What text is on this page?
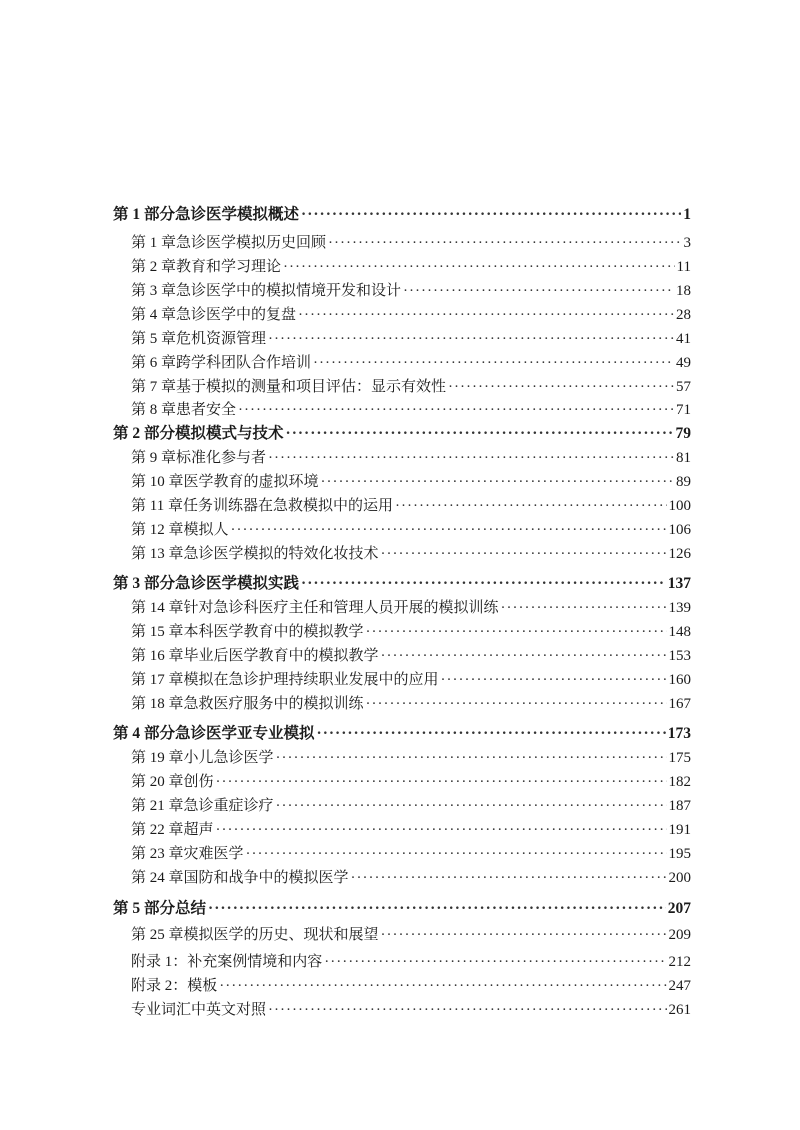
第 1 部分 急诊医学模拟概述 ·····	1
第 1 章 急诊医学模拟历史回顾 ·····	3
第 2 章 教育和学习理论 ·····	11
第 3 章 急诊医学中的模拟情境开发和设计 ·····	18
第 4 章 急诊医学中的复盘 ·····	28
第 5 章 危机资源管理 ·····	41
第 6 章 跨学科团队合作培训 ·····	49
第 7 章 基于模拟的测量和项目评估：显示有效性 ·····	57
第 8 章 患者安全 ·····	71
第 2 部分 模拟模式与技术 ·····	79
第 9 章 标准化参与者 ·····	81
第 10 章 医学教育的虚拟环境 ·····	89
第 11 章 任务训练器在急救模拟中的运用 ·····	100
第 12 章 模拟人 ·····	106
第 13 章 急诊医学模拟的特效化妆技术 ·····	126
第 3 部分 急诊医学模拟实践 ·····	137
第 14 章 针对急诊科医疗主任和管理人员开展的模拟训练 ·····	139
第 15 章 本科医学教育中的模拟教学 ·····	148
第 16 章 毕业后医学教育中的模拟教学 ·····	153
第 17 章 模拟在急诊护理持续职业发展中的应用 ·····	160
第 18 章 急救医疗服务中的模拟训练 ·····	167
第 4 部分 急诊医学亚专业模拟 ·····	173
第 19 章 小儿急诊医学 ·····	175
第 20 章 创伤 ·····	182
第 21 章 急诊重症诊疗 ·····	187
第 22 章 超声 ·····	191
第 23 章 灾难医学 ·····	195
第 24 章 国防和战争中的模拟医学 ·····	200
第 5 部分 总结 ·····	207
第 25 章 模拟医学的历史、现状和展望 ·····	209
附录 1：补充案例情境和内容 ·····	212
附录 2：模板 ·····	247
专业词汇中英文对照 ·····	261
